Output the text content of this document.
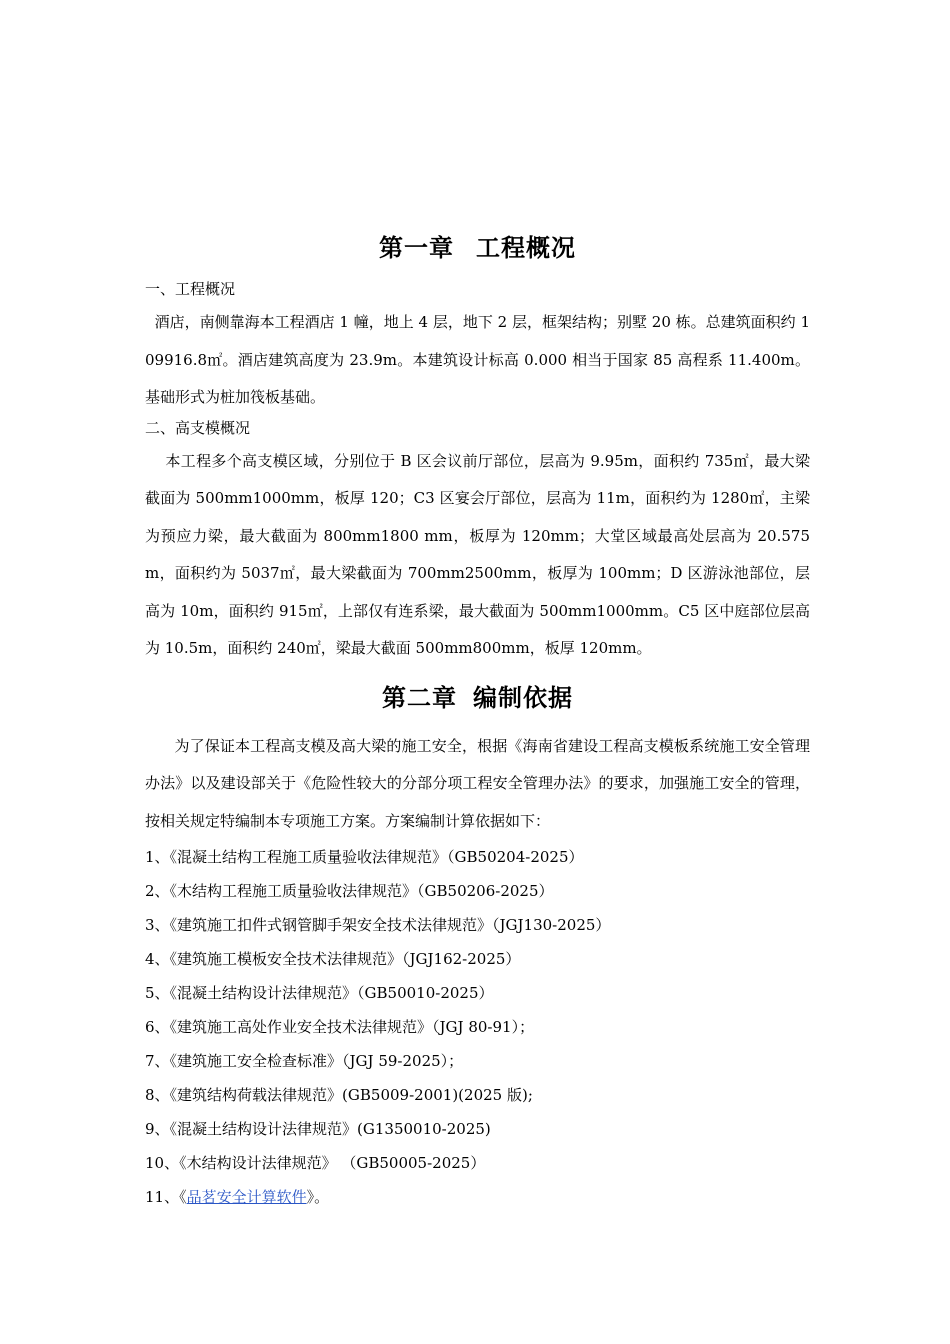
第一章 工程概况

一、工程概况

酒店，南侧靠海本工程酒店 1 幢，地上 4 层，地下 2 层，框架结构；别墅 20 栋。总建筑面积约 109916.8㎡。酒店建筑高度为 23.9m。本建筑设计标高 0.000 相当于国家 85 高程系 11.400m。基础形式为桩加筏板基础。

二、高支模概况

本工程多个高支模区域，分别位于 B 区会议前厅部位，层高为 9.95m，面积约 735㎡，最大梁截面为 500mm1000mm，板厚 120；C3 区宴会厅部位，层高为 11m，面积约为 1280㎡，主梁为预应力梁，最大截面为 800mm1800 mm，板厚为 120mm；大堂区域最高处层高为 20.575m，面积约为 5037㎡，最大梁截面为 700mm2500mm，板厚为 100mm；D 区游泳池部位，层高为 10m，面积约 915㎡，上部仅有连系梁，最大截面为 500mm1000mm。C5 区中庭部位层高为 10.5m，面积约 240㎡，梁最大截面 500mm800mm，板厚 120mm。

第二章 编制依据

为了保证本工程高支模及高大梁的施工安全，根据《海南省建设工程高支模板系统施工安全管理办法》以及建设部关于《危险性较大的分部分项工程安全管理办法》的要求，加强施工安全的管理，按相关规定特编制本专项施工方案。方案编制计算依据如下：

1、《混凝土结构工程施工质量验收法律规范》（GB50204-2025）
2、《木结构工程施工质量验收法律规范》（GB50206-2025）
3、《建筑施工扣件式钢管脚手架安全技术法律规范》（JGJ130-2025）
4、《建筑施工模板安全技术法律规范》（JGJ162-2025）
5、《混凝土结构设计法律规范》（GB50010-2025）
6、《建筑施工高处作业安全技术法律规范》（JGJ 80-91）；
7、《建筑施工安全检查标准》（JGJ 59-2025）；
8、《建筑结构荷载法律规范》(GB5009-2001)(2025 版);
9、《混凝土结构设计法律规范》(G1350010-2025)
10、《木结构设计法律规范》 （GB50005-2025）
11、《品茗安全计算软件》。
